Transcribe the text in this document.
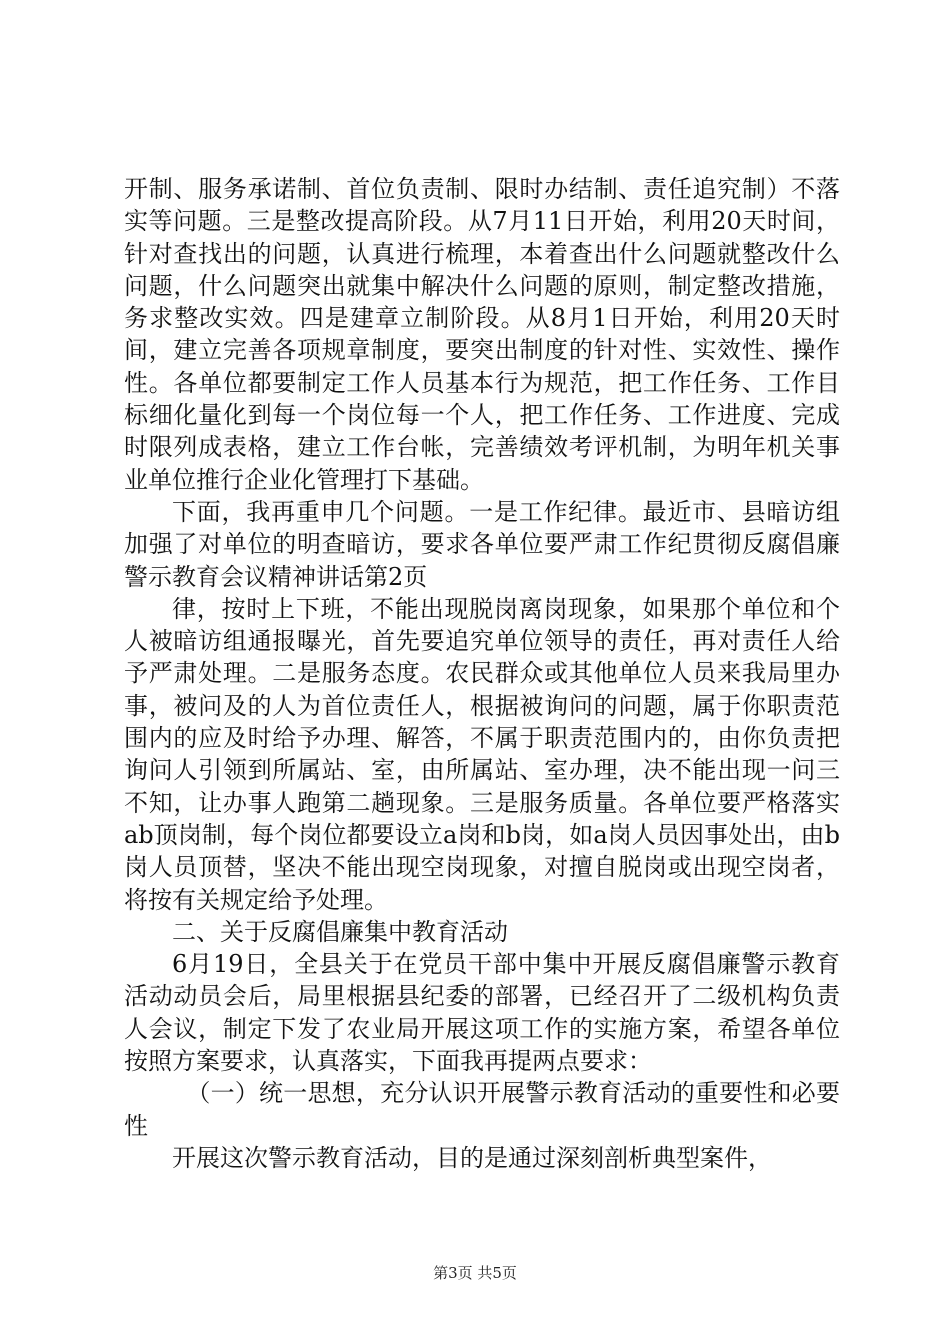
开制、服务承诺制、首位负责制、限时办结制、责任追究制）不落实等问题。三是整改提高阶段。从7月11日开始，利用20天时间，针对查找出的问题，认真进行梳理，本着查出什么问题就整改什么问题，什么问题突出就集中解决什么问题的原则，制定整改措施，务求整改实效。四是建章立制阶段。从8月1日开始，利用20天时间，建立完善各项规章制度，要突出制度的针对性、实效性、操作性。各单位都要制定工作人员基本行为规范，把工作任务、工作目标细化量化到每一个岗位每一个人，把工作任务、工作进度、完成时限列成表格，建立工作台帐，完善绩效考评机制，为明年机关事业单位推行企业化管理打下基础。

下面，我再重申几个问题。一是工作纪律。最近市、县暗访组加强了对单位的明查暗访，要求各单位要严肃工作纪贯彻反腐倡廉警示教育会议精神讲话第2页

律，按时上下班，不能出现脱岗离岗现象，如果那个单位和个人被暗访组通报曝光，首先要追究单位领导的责任，再对责任人给予严肃处理。二是服务态度。农民群众或其他单位人员来我局里办事，被问及的人为首位责任人，根据被询问的问题，属于你职责范围内的应及时给予办理、解答，不属于职责范围内的，由你负责把询问人引领到所属站、室，由所属站、室办理，决不能出现一问三不知，让办事人跑第二趟现象。三是服务质量。各单位要严格落实ab顶岗制，每个岗位都要设立a岗和b岗，如a岗人员因事处出，由b岗人员顶替，坚决不能出现空岗现象，对擅自脱岗或出现空岗者，将按有关规定给予处理。

二、关于反腐倡廉集中教育活动

6月19日，全县关于在党员干部中集中开展反腐倡廉警示教育活动动员会后，局里根据县纪委的部署，已经召开了二级机构负责人会议，制定下发了农业局开展这项工作的实施方案，希望各单位按照方案要求，认真落实，下面我再提两点要求：

（一）统一思想，充分认识开展警示教育活动的重要性和必要性

开展这次警示教育活动，目的是通过深刻剖析典型案件，

第3页 共5页
